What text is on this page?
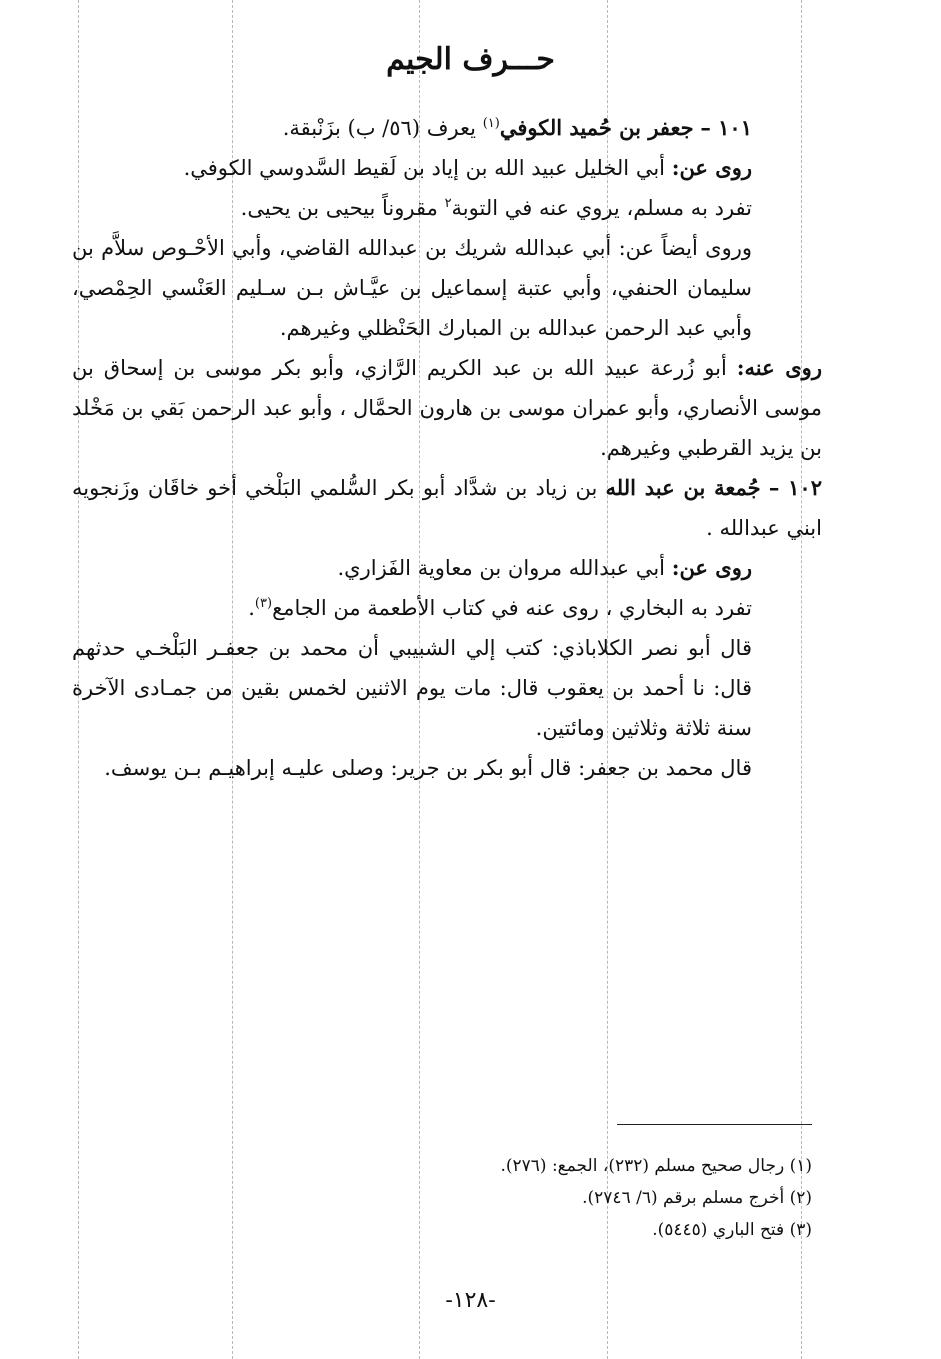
حـــرف الجيم

١٠١ – جعفر بن حُميد الكوفي$^{(١)}$ يعرف (٥٦/ ب) بزَنْبقة.

روى عن: أبي الخليل عبيد الله بن إياد بن لَقيط السَّدوسي الكوفي.

تفرد به مسلم، يروي عنه في التوبة$^٢$ مقروناً بيحيى بن يحيى.

وروى أيضاً عن: أبي عبدالله شريك بن عبدالله القاضي، وأبي الأحْـوص سلاَّم بن سليمان الحنفي، وأبي عتبة إسماعيل بن عيَّـاش بـن سـليم العَنْسي الحِمْصي، وأبي عبد الرحمن عبدالله بن المبارك الحَنْظلي وغيرهم.

روى عنه: أبو زُرعة عبيد الله بن عبد الكريم الرَّازي، وأبو بكر موسى بن إسحاق بن موسى الأنصاري، وأبو عمران موسى بن هارون الحمَّال ، وأبو عبد الرحمن بَقي بن مَخْلد بن يزيد القرطبي وغيرهم.

١٠٢ – جُمعة بن عبد الله بن زياد بن شدَّاد أبو بكر السُّلمي البَلْخي أخو خاقَان وزَنجويه ابني عبدالله .

روى عن: أبي عبدالله مروان بن معاوية الفَزاري.

تفرد به البخاري ، روى عنه في كتاب الأطعمة من الجامع$^{(٣)}$.

قال أبو نصر الكلاباذي: كتب إلي الشبيبي أن محمد بن جعفـر البَلْخـي حدثهم قال: نا أحمد بن يعقوب قال: مات يوم الاثنين لخمس بقين من جمـادى الآخرة سنة ثلاثة وثلاثين ومائتين.

قال محمد بن جعفر: قال أبو بكر بن جرير: وصلى عليـه إبراهيـم بـن يوسف.

(١) رجال صحيح مسلم (٢٣٢)، الجمع: (٢٧٦).
(٢) أخرج مسلم برقم (٦/ ٢٧٤٦).
(٣) فتح الباري (٥٤٤٥).
-١٢٨-
